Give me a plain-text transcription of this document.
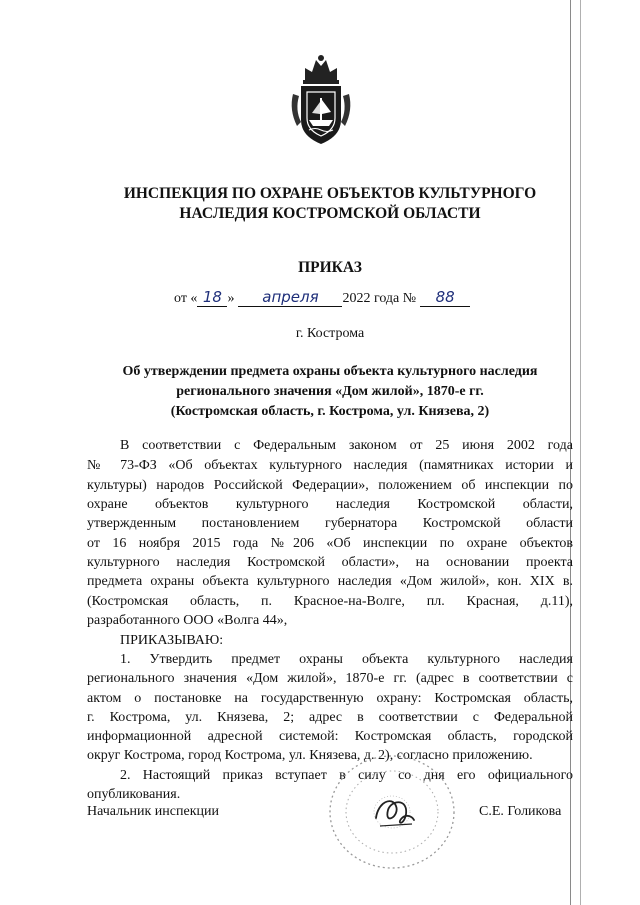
ИНСПЕКЦИЯ ПО ОХРАНЕ ОБЪЕКТОВ КУЛЬТУРНОГО
НАСЛЕДИЯ КОСТРОМСКОЙ ОБЛАСТИ
ПРИКАЗ
от « 18 » апреля 2022 года № 88
г. Кострома
Об утверждении предмета охраны объекта культурного наследия
регионального значения «Дом жилой», 1870-е гг.
(Костромская область, г. Кострома, ул. Князева, 2)
В соответствии с Федеральным законом от 25 июня 2002 года
№ 73-ФЗ «Об объектах культурного наследия (памятниках истории и
культуры) народов Российской Федерации», положением об инспекции по
охране объектов культурного наследия Костромской области,
утвержденным постановлением губернатора Костромской области
от 16 ноября 2015 года №206 «Об инспекции по охране объектов
культурного наследия Костромской области», на основании проекта
предмета охраны объекта культурного наследия «Дом жилой», кон. XIX в.
(Костромская область, п. Красное-на-Волге, пл. Красная, д.11),
разработанного ООО «Волга 44»,
ПРИКАЗЫВАЮ:
1. Утвердить предмет охраны объекта культурного наследия
регионального значения «Дом жилой», 1870-е гг. (адрес в соответствии с
актом о постановке на государственную охрану: Костромская область,
г. Кострома, ул. Князева, 2; адрес в соответствии с Федеральной
информационной адресной системой: Костромская область, городской
округ Кострома, город Кострома, ул. Князева, д. 2), согласно приложению.
2. Настоящий приказ вступает в силу со дня его официального
опубликования.
Начальник инспекции	С.Е. Голикова
